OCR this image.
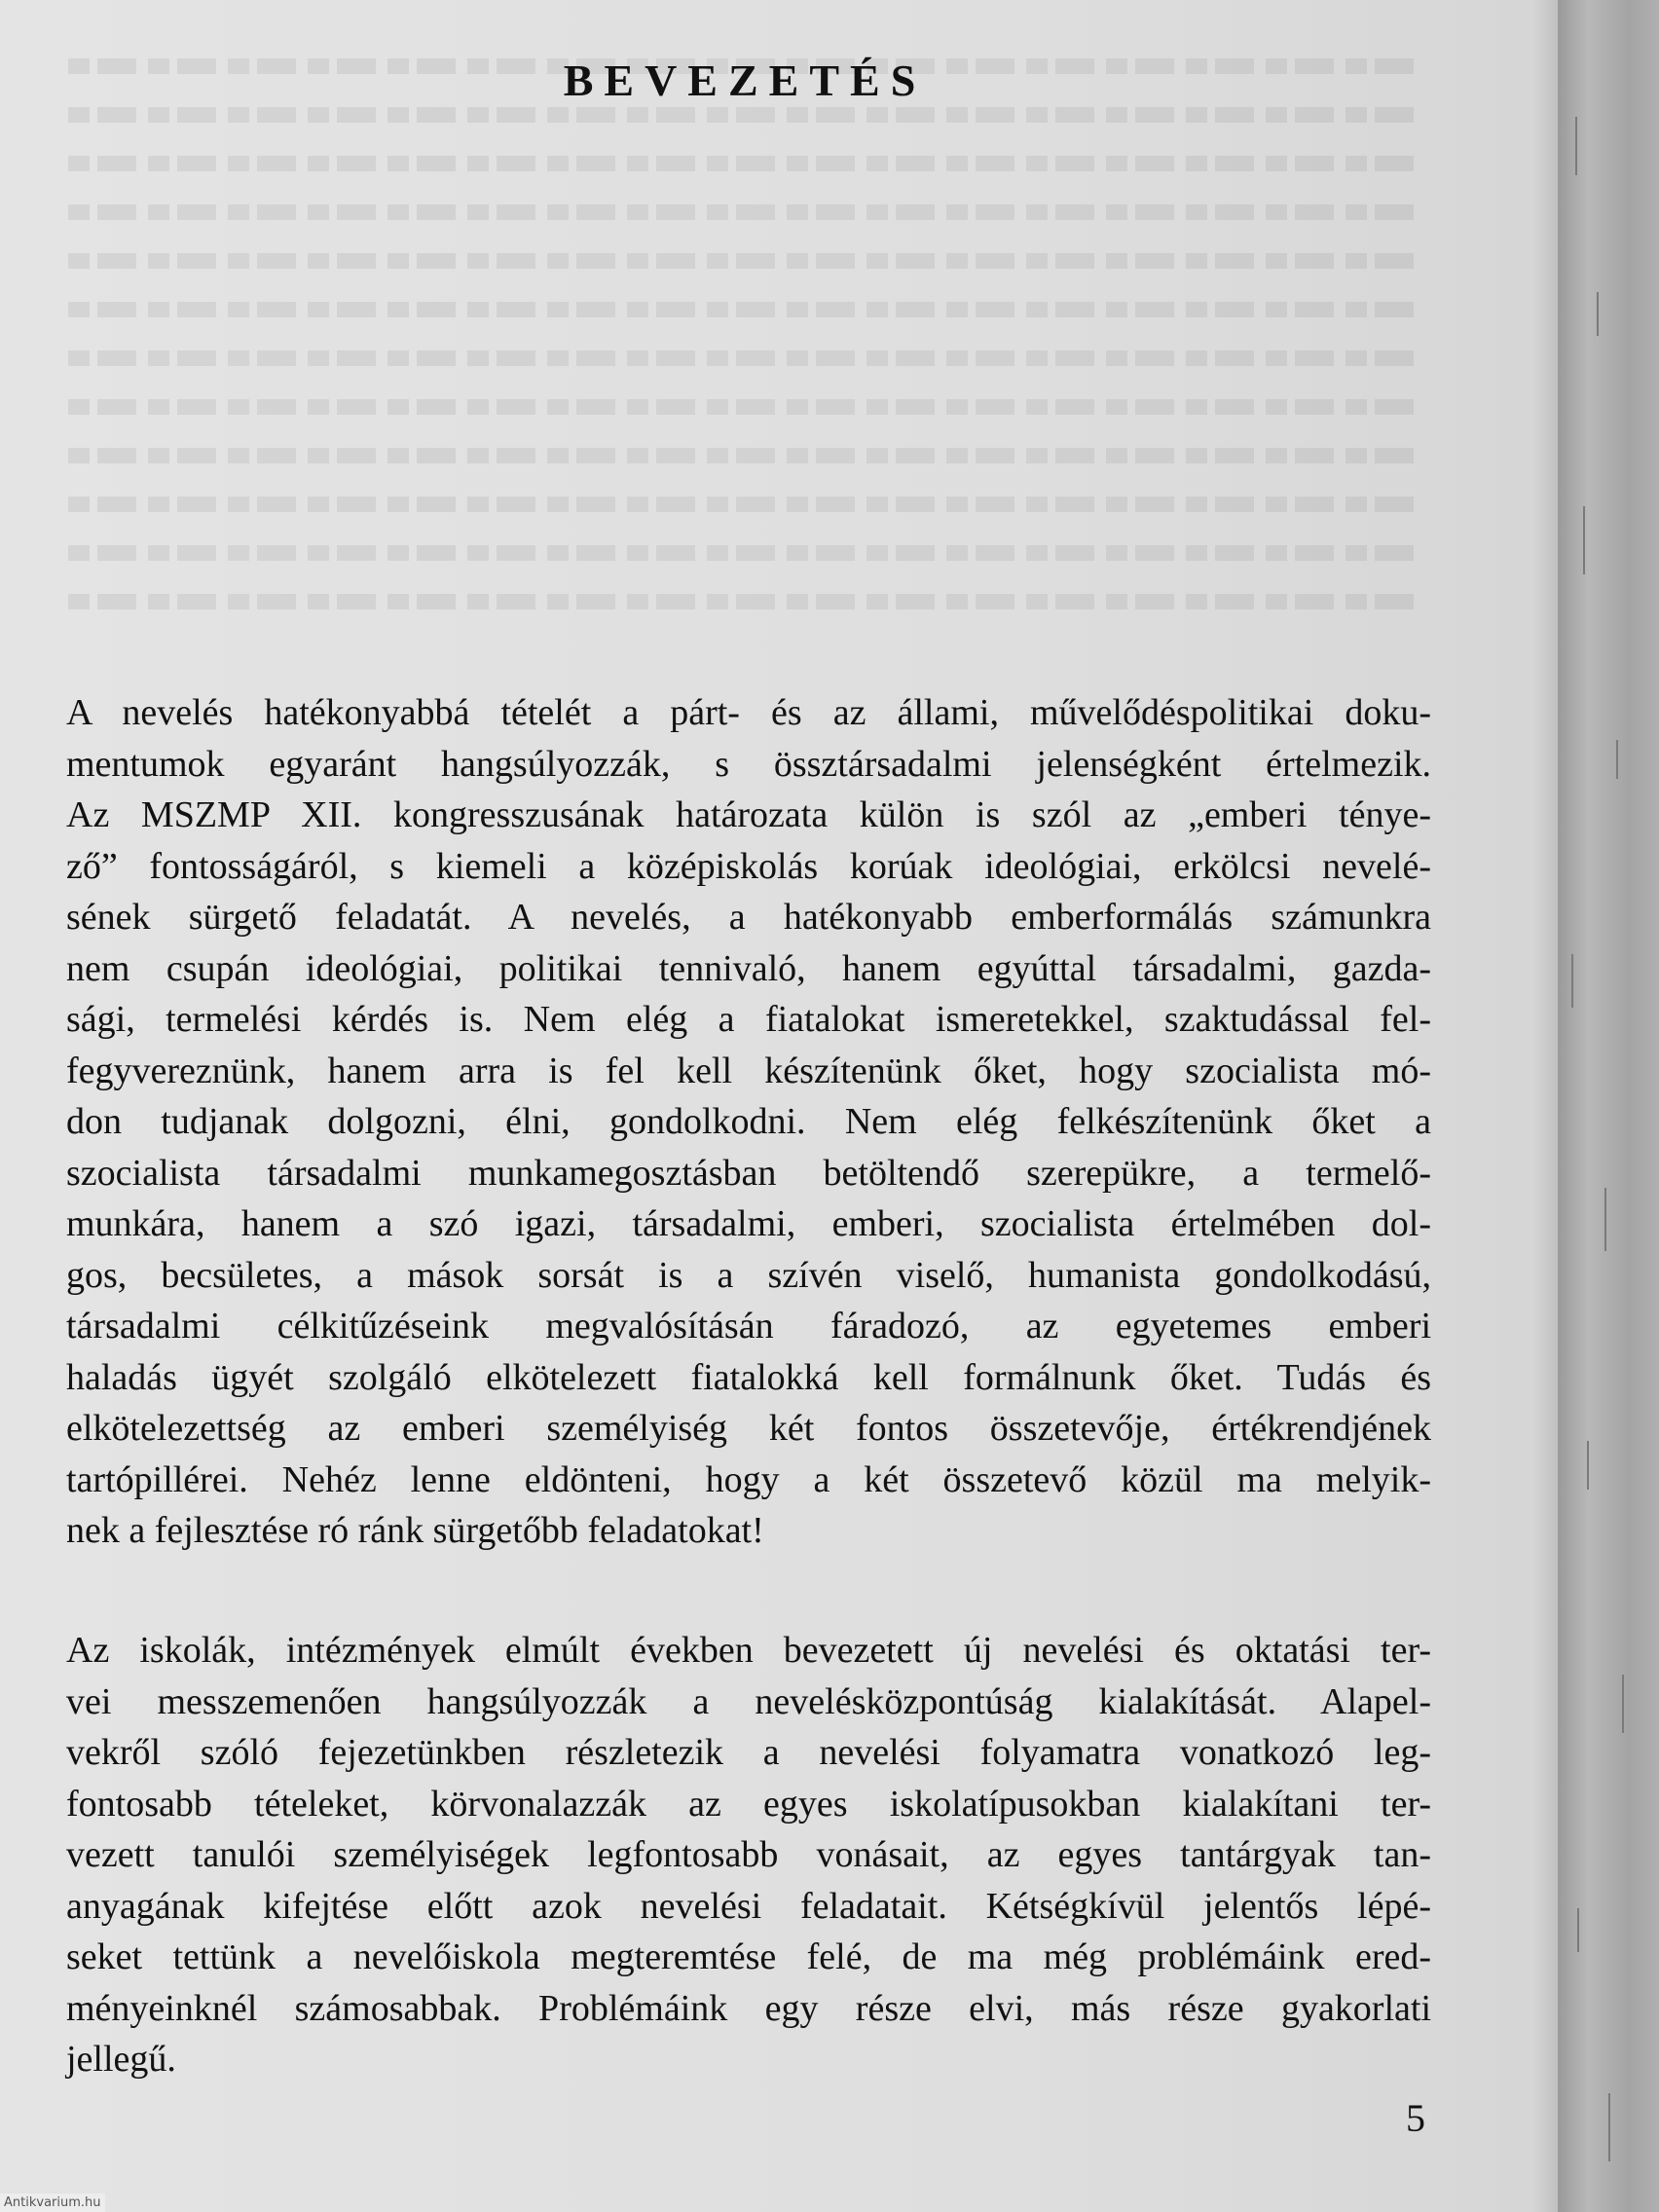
BEVEZETÉS
A nevelés hatékonyabbá tételét a párt- és az állami, művelődéspolitikai doku-
mentumok egyaránt hangsúlyozzák, s össztársadalmi jelenségként értelmezik.
Az MSZMP XII. kongresszusának határozata külön is szól az „emberi ténye-
ző” fontosságáról, s kiemeli a középiskolás korúak ideológiai, erkölcsi nevelé-
sének sürgető feladatát. A nevelés, a hatékonyabb emberformálás számunkra
nem csupán ideológiai, politikai tennivaló, hanem egyúttal társadalmi, gazda-
sági, termelési kérdés is. Nem elég a fiatalokat ismeretekkel, szaktudással fel-
fegyvereznünk, hanem arra is fel kell készítenünk őket, hogy szocialista mó-
don tudjanak dolgozni, élni, gondolkodni. Nem elég felkészítenünk őket a
szocialista társadalmi munkamegosztásban betöltendő szerepükre, a termelő-
munkára, hanem a szó igazi, társadalmi, emberi, szocialista értelmében dol-
gos, becsületes, a mások sorsát is a szívén viselő, humanista gondolkodású,
társadalmi célkitűzéseink megvalósításán fáradozó, az egyetemes emberi
haladás ügyét szolgáló elkötelezett fiatalokká kell formálnunk őket. Tudás és
elkötelezettség az emberi személyiség két fontos összetevője, értékrendjének
tartópillérei. Nehéz lenne eldönteni, hogy a két összetevő közül ma melyik-
nek a fejlesztése ró ránk sürgetőbb feladatokat!
Az iskolák, intézmények elmúlt években bevezetett új nevelési és oktatási ter-
vei messzemenően hangsúlyozzák a nevelésközpontúság kialakítását. Alapel-
vekről szóló fejezetünkben részletezik a nevelési folyamatra vonatkozó leg-
fontosabb tételeket, körvonalazzák az egyes iskolatípusokban kialakítani ter-
vezett tanulói személyiségek legfontosabb vonásait, az egyes tantárgyak tan-
anyagának kifejtése előtt azok nevelési feladatait. Kétségkívül jelentős lépé-
seket tettünk a nevelőiskola megteremtése felé, de ma még problémáink ered-
ményeinknél számosabbak. Problémáink egy része elvi, más része gyakorlati
jellegű.
5
Antikvarium.hu
